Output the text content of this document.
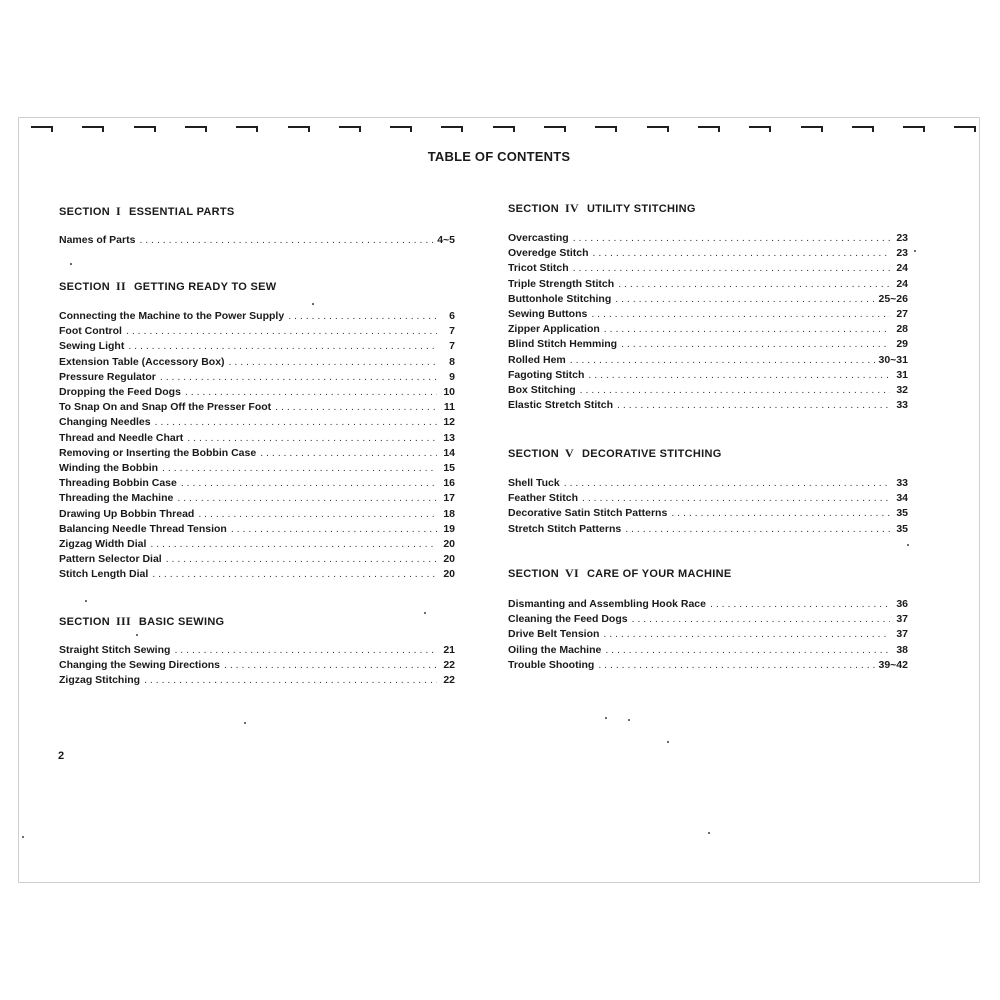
TABLE OF CONTENTS
SECTION I ESSENTIAL PARTS
Names of Parts . . .	4~5
SECTION II GETTING READY TO SEW
Connecting the Machine to the Power Supply . . .	6
Foot Control . . .	7
Sewing Light . . .	7
Extension Table (Accessory Box) . . .	8
Pressure Regulator . . .	9
Dropping the Feed Dogs . . .	10
To Snap On and Snap Off the Presser Foot . . .	11
Changing Needles . . .	12
Thread and Needle Chart . . .	13
Removing or Inserting the Bobbin Case . . .	14
Winding the Bobbin . . .	15
Threading Bobbin Case . . .	16
Threading the Machine . . .	17
Drawing Up Bobbin Thread . . .	18
Balancing Needle Thread Tension . . .	19
Zigzag Width Dial . . .	20
Pattern Selector Dial . . .	20
Stitch Length Dial . . .	20
SECTION III BASIC SEWING
Straight Stitch Sewing . . .	21
Changing the Sewing Directions . . .	22
Zigzag Stitching . . .	22
SECTION IV UTILITY STITCHING
Overcasting . . .	23
Overedge Stitch . . .	23
Tricot Stitch . . .	24
Triple Strength Stitch . . .	24
Buttonhole Stitching . . .	25~26
Sewing Buttons . . .	27
Zipper Application . . .	28
Blind Stitch Hemming . . .	29
Rolled Hem . . .	30~31
Fagoting Stitch . . .	31
Box Stitching . . .	32
Elastic Stretch Stitch . . .	33
SECTION V DECORATIVE STITCHING
Shell Tuck . . .	33
Feather Stitch . . .	34
Decorative Satin Stitch Patterns . . .	35
Stretch Stitch Patterns . . .	35
SECTION VI CARE OF YOUR MACHINE
Dismanting and Assembling Hook Race . . .	36
Cleaning the Feed Dogs . . .	37
Drive Belt Tension . . .	37
Oiling the Machine . . .	38
Trouble Shooting . . .	39~42
2
